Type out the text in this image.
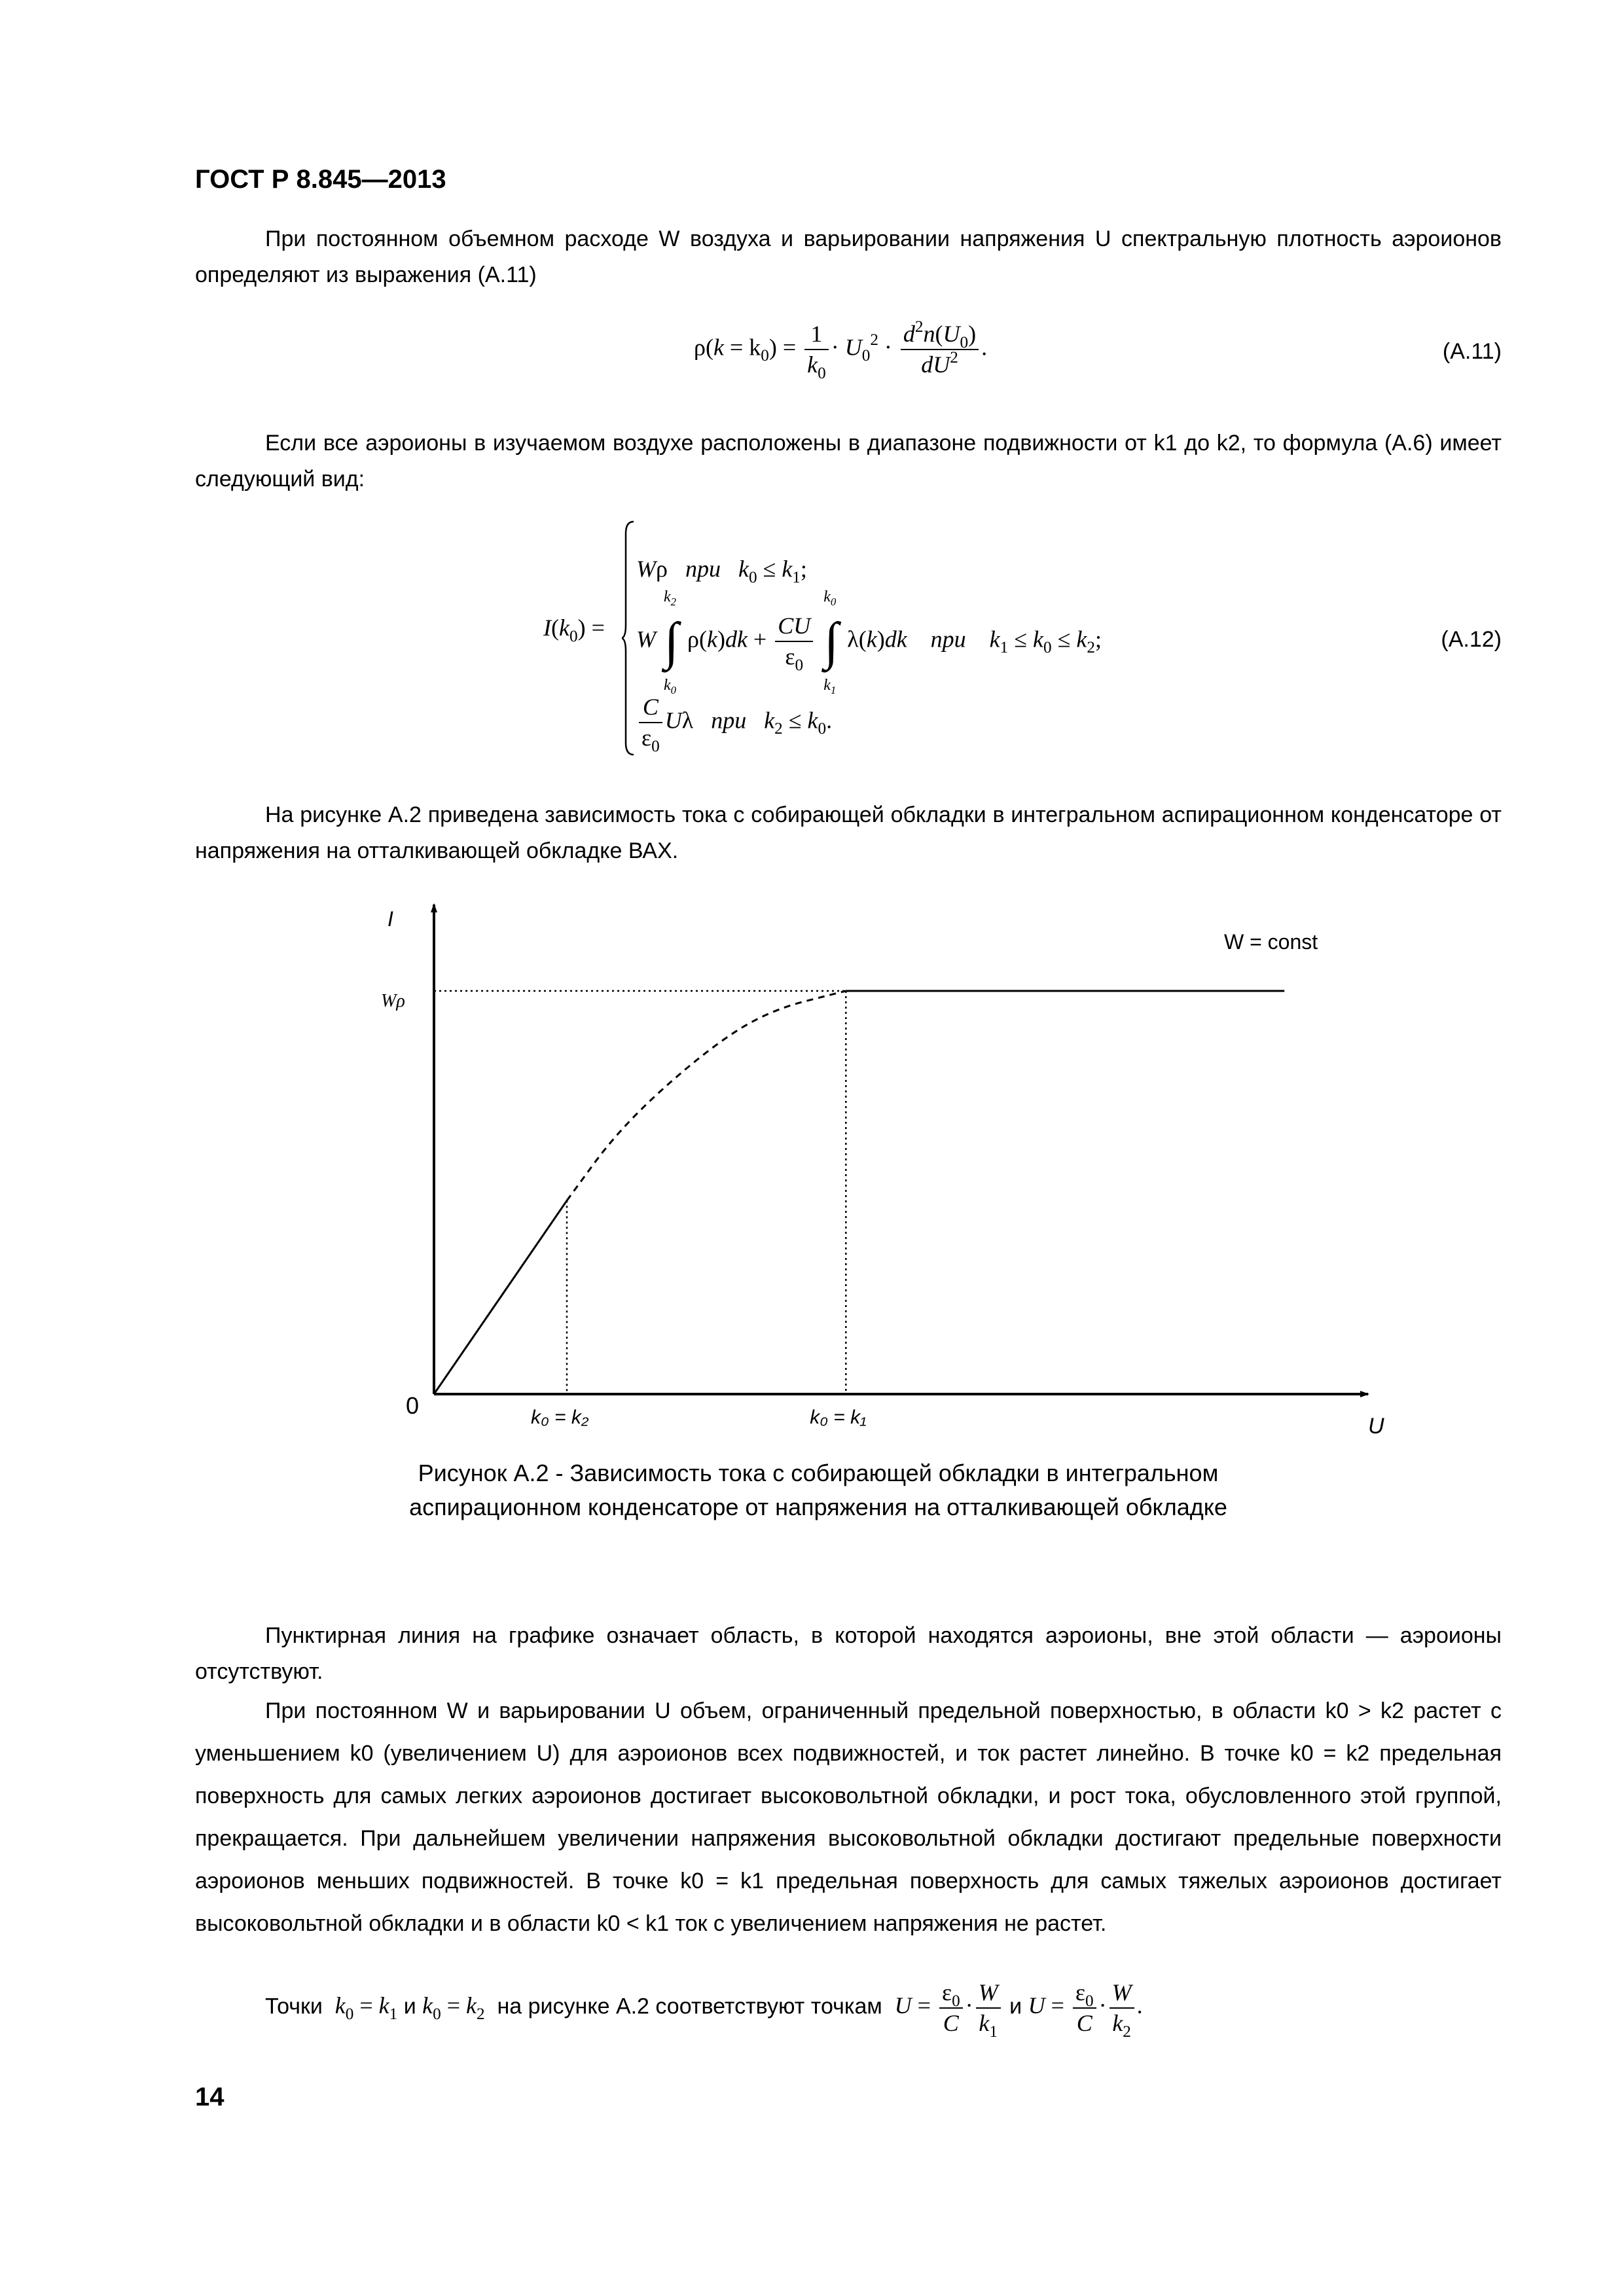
ГОСТ Р 8.845—2013
При постоянном объемном расходе W воздуха и варьировании напряжения U спектральную плотность аэроионов определяют из выражения (А.11)
$\rho(k = k_0) = \frac{1}{k_0} \cdot U_0^2 \cdot \frac{d^2n(U_0)}{dU^2}$ .	(А.11)
Если все аэроионы в изучаемом воздухе расположены в диапазоне подвижности от k1 до k2, то формула (А.6) имеет следующий вид:
$I(k_0)$ =
Wρ   при $k_0 \le k_1$;
W
$k_2$
∫
$k_0$
$\rho(k)dk + \frac{CU}{\varepsilon_0}$
$k_0$
∫
$k_1$
λ(k)dk при $k_1 \le k_0 \le k_2$;
$\frac{C}{\varepsilon_0}$ Uλ   при $k_2 \le k_0$.
(А.12)
На рисунке А.2 приведена зависимость тока с собирающей обкладки в интегральном аспирационном конденсаторе от напряжения на отталкивающей обкладке ВАХ.
I
U
0
Wρ
W = const
k₀ = k₂	k₀ = k₁
Рисунок А.2 - Зависимость тока с собирающей обкладки в интегральном
аспирационном конденсаторе от напряжения на отталкивающей обкладке
Пунктирная линия на графике означает область, в которой находятся аэроионы, вне этой области — аэроионы отсутствуют.
При постоянном W и варьировании U объем, ограниченный предельной поверхностью, в области k0 > k2 растет с уменьшением k0 (увеличением U) для аэроионов всех подвижностей, и ток растет линейно. В точке k0 = k2 предельная поверхность для самых легких аэроионов достигает высоковольтной обкладки, и рост тока, обусловленного этой группой, прекращается. При дальнейшем увеличении напряжения высоковольтной обкладки достигают предельные поверхности аэроионов меньших подвижностей. В точке k0 = k1 предельная поверхность для самых тяжелых аэроионов достигает высоковольтной обкладки и в области k0 < k1 ток с увеличением напряжения не растет.
Точки $k_0 = k_1$ и $k_0 = k_2$ на рисунке А.2 соответствуют точкам $U = \frac{\varepsilon_0}{C} \cdot \frac{W}{k_1}$ и $U = \frac{\varepsilon_0}{C} \cdot \frac{W}{k_2}$ .
14
